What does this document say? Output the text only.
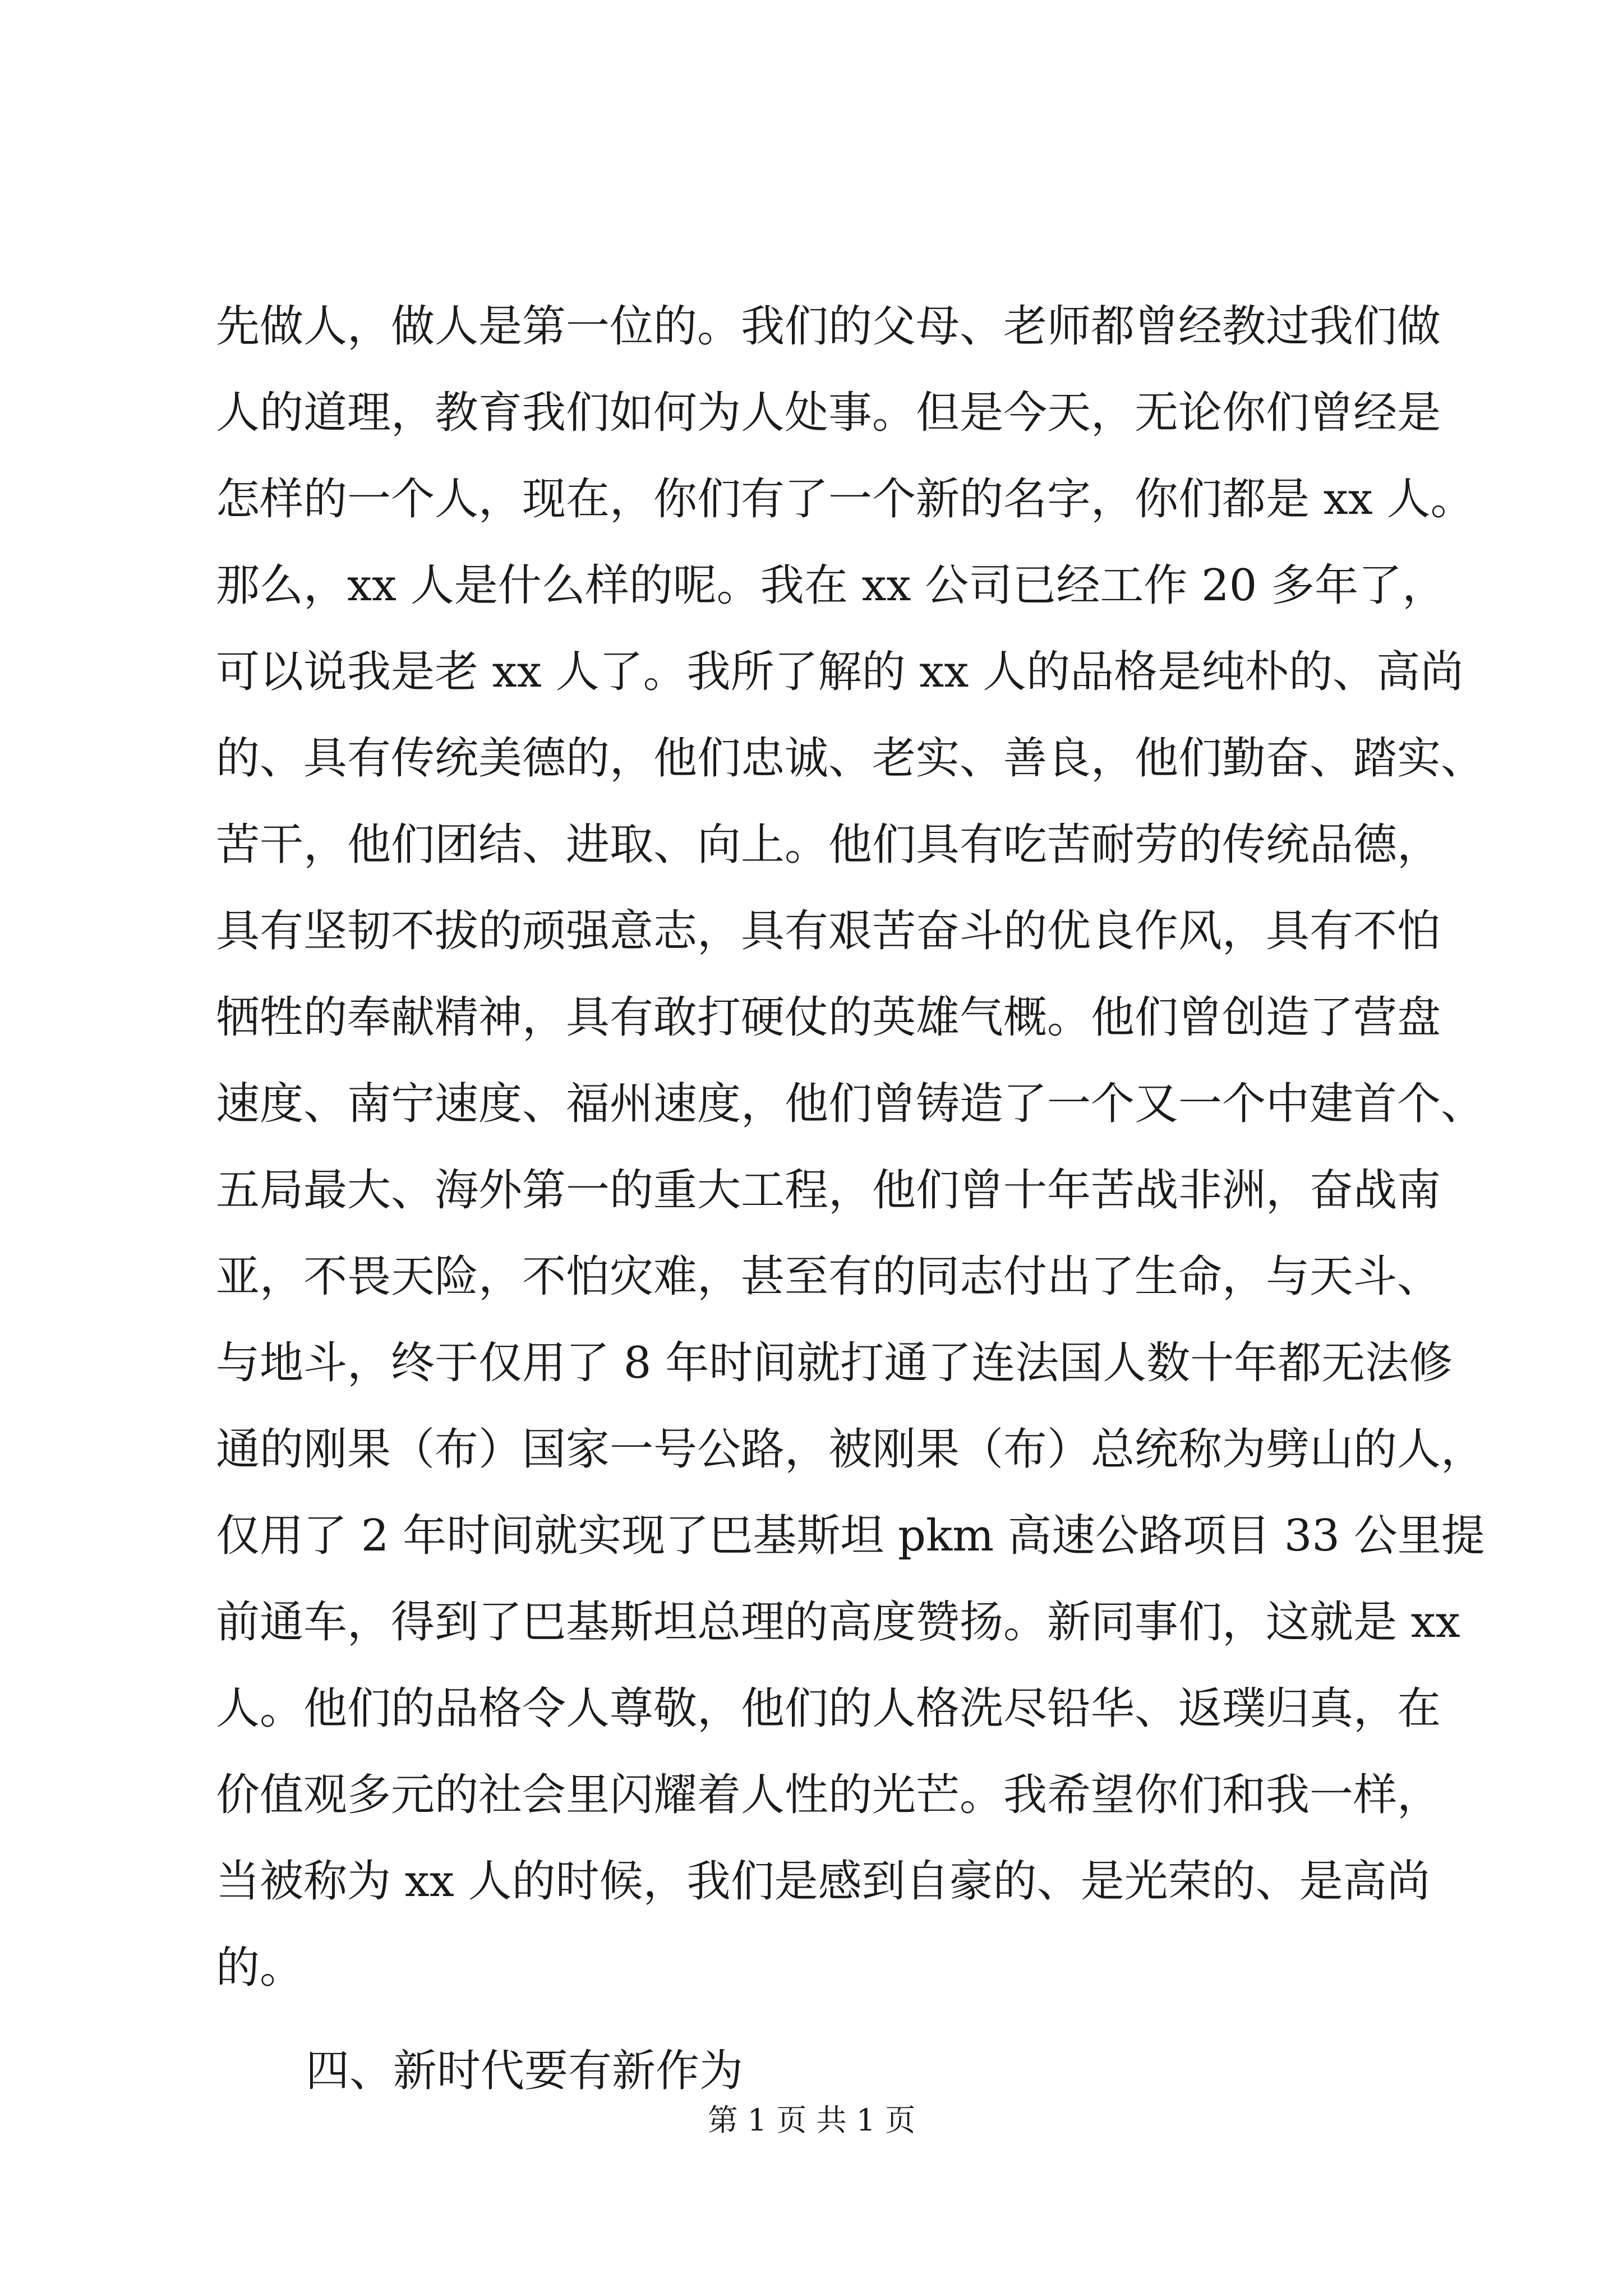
先做人，做人是第一位的。我们的父母、老师都曾经教过我们做
人的道理，教育我们如何为人处事。但是今天，无论你们曾经是
怎样的一个人，现在，你们有了一个新的名字，你们都是 xx 人。
那么，xx 人是什么样的呢。我在 xx 公司已经工作 20 多年了，
可以说我是老 xx 人了。我所了解的 xx 人的品格是纯朴的、高尚
的、具有传统美德的，他们忠诚、老实、善良，他们勤奋、踏实、
苦干，他们团结、进取、向上。他们具有吃苦耐劳的传统品德，
具有坚韧不拔的顽强意志，具有艰苦奋斗的优良作风，具有不怕
牺牲的奉献精神，具有敢打硬仗的英雄气概。他们曾创造了营盘
速度、南宁速度、福州速度，他们曾铸造了一个又一个中建首个、
五局最大、海外第一的重大工程，他们曾十年苦战非洲，奋战南
亚，不畏天险，不怕灾难，甚至有的同志付出了生命，与天斗、
与地斗，终于仅用了 8 年时间就打通了连法国人数十年都无法修
通的刚果（布）国家一号公路，被刚果（布）总统称为劈山的人，
仅用了 2 年时间就实现了巴基斯坦 pkm 高速公路项目 33 公里提
前通车，得到了巴基斯坦总理的高度赞扬。新同事们，这就是 xx
人。他们的品格令人尊敬，他们的人格洗尽铅华、返璞归真，在
价值观多元的社会里闪耀着人性的光芒。我希望你们和我一样，
当被称为 xx 人的时候，我们是感到自豪的、是光荣的、是高尚
的。
四、新时代要有新作为
第 1 页 共 1 页
